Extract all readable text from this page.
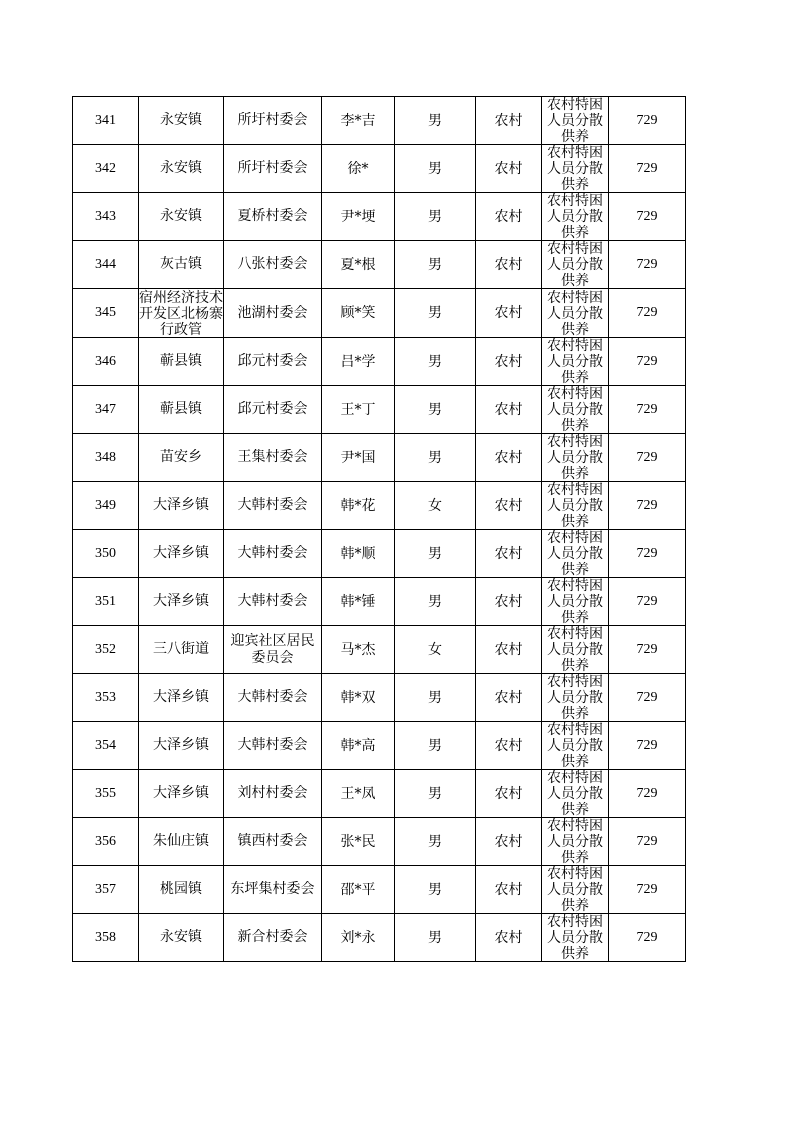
341	永安镇	所圩村委会	李*吉	男	农村	农村特困人员分散供养	729
342	永安镇	所圩村委会	徐*	男	农村	农村特困人员分散供养	729
343	永安镇	夏桥村委会	尹*埂	男	农村	农村特困人员分散供养	729
344	灰古镇	八张村委会	夏*根	男	农村	农村特困人员分散供养	729
345	宿州经济技术开发区北杨寨行政管	池湖村委会	顾*笑	男	农村	农村特困人员分散供养	729
346	蕲县镇	邱元村委会	吕*学	男	农村	农村特困人员分散供养	729
347	蕲县镇	邱元村委会	王*丁	男	农村	农村特困人员分散供养	729
348	苗安乡	王集村委会	尹*国	男	农村	农村特困人员分散供养	729
349	大泽乡镇	大韩村委会	韩*花	女	农村	农村特困人员分散供养	729
350	大泽乡镇	大韩村委会	韩*顺	男	农村	农村特困人员分散供养	729
351	大泽乡镇	大韩村委会	韩*锤	男	农村	农村特困人员分散供养	729
352	三八街道	迎宾社区居民委员会	马*杰	女	农村	农村特困人员分散供养	729
353	大泽乡镇	大韩村委会	韩*双	男	农村	农村特困人员分散供养	729
354	大泽乡镇	大韩村委会	韩*高	男	农村	农村特困人员分散供养	729
355	大泽乡镇	刘村村委会	王*凤	男	农村	农村特困人员分散供养	729
356	朱仙庄镇	镇西村委会	张*民	男	农村	农村特困人员分散供养	729
357	桃园镇	东坪集村委会	邵*平	男	农村	农村特困人员分散供养	729
358	永安镇	新合村委会	刘*永	男	农村	农村特困人员分散供养	729
